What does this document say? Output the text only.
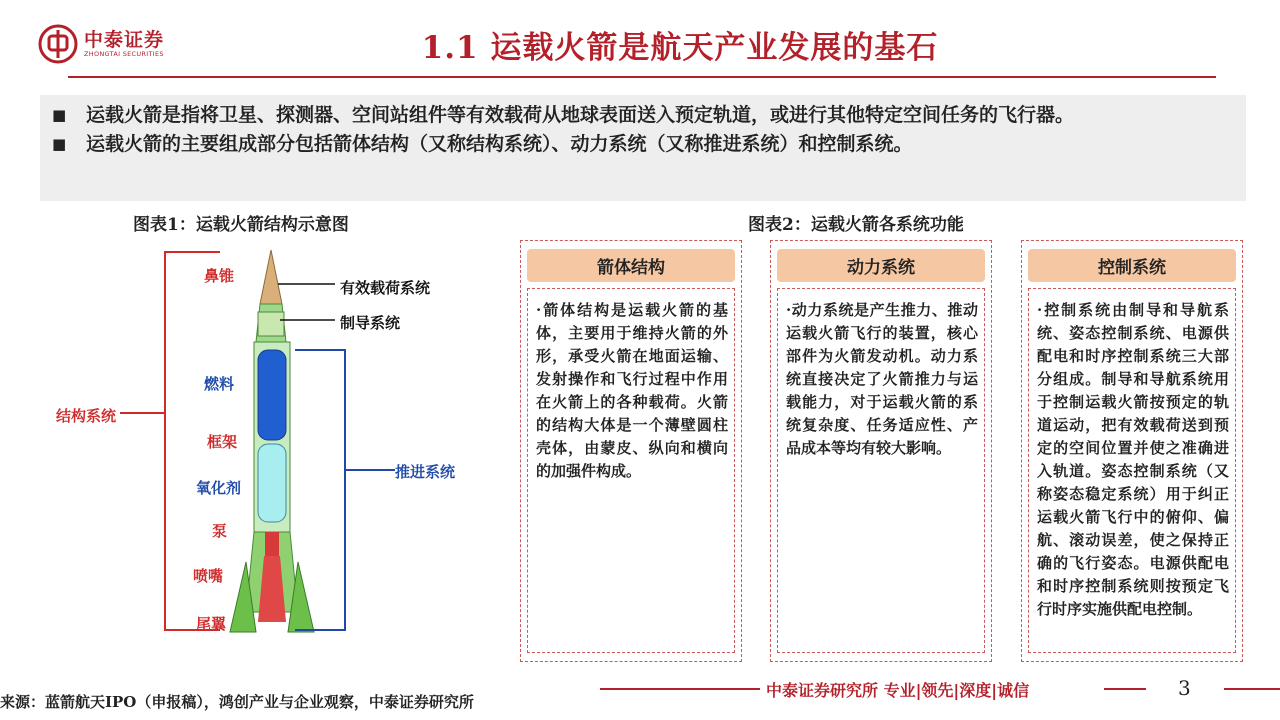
中泰证券
ZHONGTAI SECURITIES	1.1 运载火箭是航天产业发展的基石
■	运载火箭是指将卫星、探测器、空间站组件等有效载荷从地球表面送入预定轨道，或进行其他特定空间任务的飞行器。
■	运载火箭的主要组成部分包括箭体结构（又称结构系统）、动力系统（又称推进系统）和控制系统。
图表1：运载火箭结构示意图	图表2：运载火箭各系统功能
鼻锥
有效载荷系统
制导系统
燃料
结构系统
框架
推进系统
氧化剂
泵
喷嘴
尾翼
箭体结构
·箭体结构是运载火箭的基体，主要用于维持火箭的外形，承受火箭在地面运输、发射操作和飞行过程中作用在火箭上的各种载荷。火箭的结构大体是一个薄壁圆柱壳体，由蒙皮、纵向和横向的加强件构成。
动力系统
·动力系统是产生推力、推动运载火箭飞行的装置，核心部件为火箭发动机。动力系统直接决定了火箭推力与运载能力，对于运载火箭的系统复杂度、任务适应性、产品成本等均有较大影响。
控制系统
·控制系统由制导和导航系统、姿态控制系统、电源供配电和时序控制系统三大部分组成。制导和导航系统用于控制运载火箭按预定的轨道运动，把有效载荷送到预定的空间位置并使之准确进入轨道。姿态控制系统（又称姿态稳定系统）用于纠正运载火箭飞行中的俯仰、偏航、滚动误差，使之保持正确的飞行姿态。电源供配电和时序控制系统则按预定飞行时序实施供配电控制。
来源：蓝箭航天IPO（申报稿），鸿创产业与企业观察，中泰证券研究所
中泰证券研究所 专业|领先|深度|诚信	3
